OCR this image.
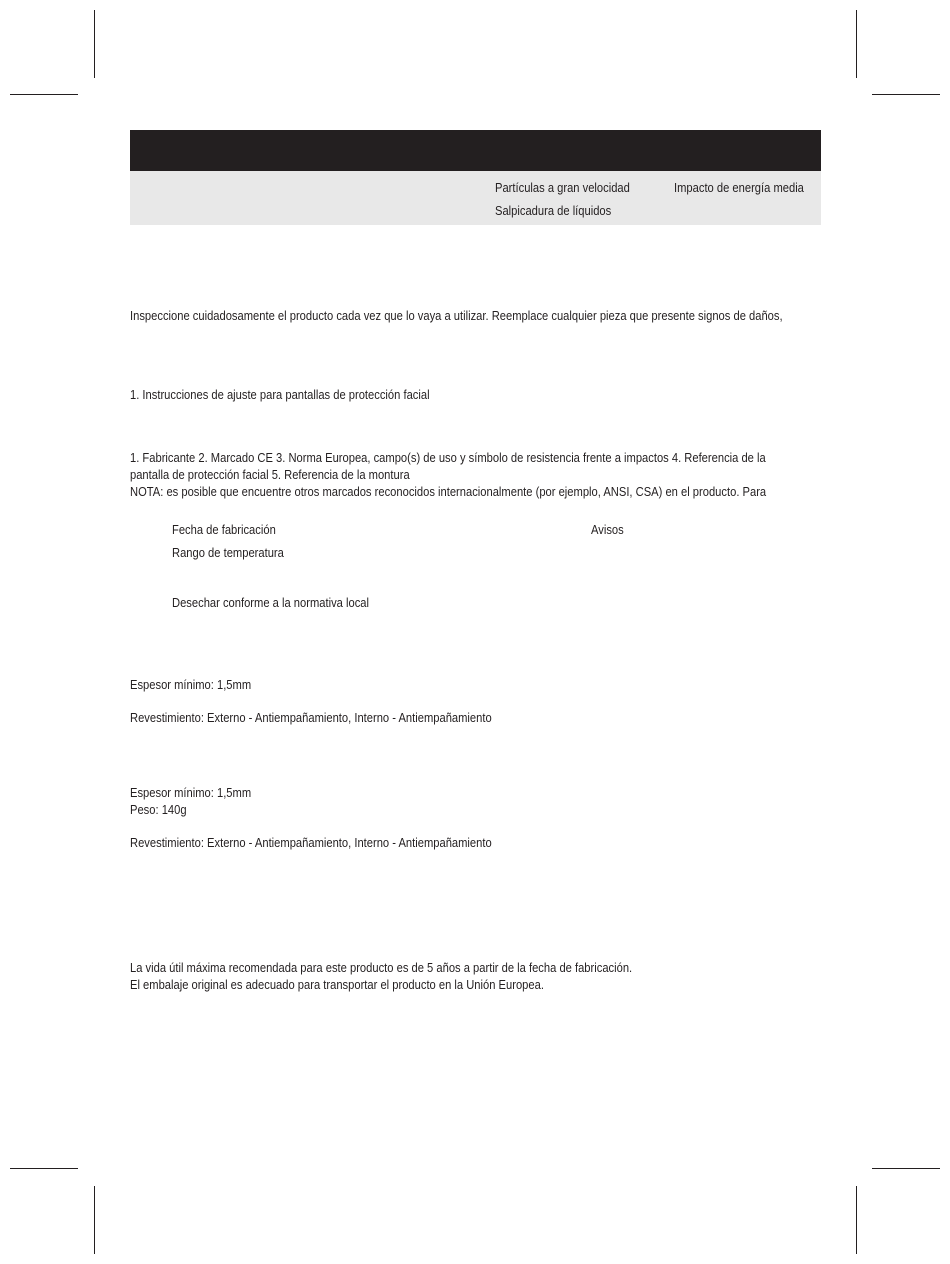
Partículas a gran velocidad	Impacto de energía media
Salpicadura de líquidos
Inspeccione cuidadosamente el producto cada vez que lo vaya a utilizar. Reemplace cualquier pieza que presente signos de daños,
1. Instrucciones de ajuste para pantallas de protección facial
1. Fabricante 2. Marcado CE 3. Norma Europea, campo(s) de uso y símbolo de resistencia frente a impactos 4. Referencia de la
pantalla de protección facial 5. Referencia de la montura
NOTA: es posible que encuentre otros marcados reconocidos internacionalmente (por ejemplo, ANSI, CSA) en el producto. Para
Fecha de fabricación	Avisos
Rango de temperatura
Desechar conforme a la normativa local
Espesor mínimo: 1,5mm
Revestimiento: Externo - Antiempañamiento, Interno - Antiempañamiento
Espesor mínimo: 1,5mm
Peso: 140g
Revestimiento: Externo - Antiempañamiento, Interno - Antiempañamiento
La vida útil máxima recomendada para este producto es de 5 años a partir de la fecha de fabricación.
El embalaje original es adecuado para transportar el producto en la Unión Europea.
